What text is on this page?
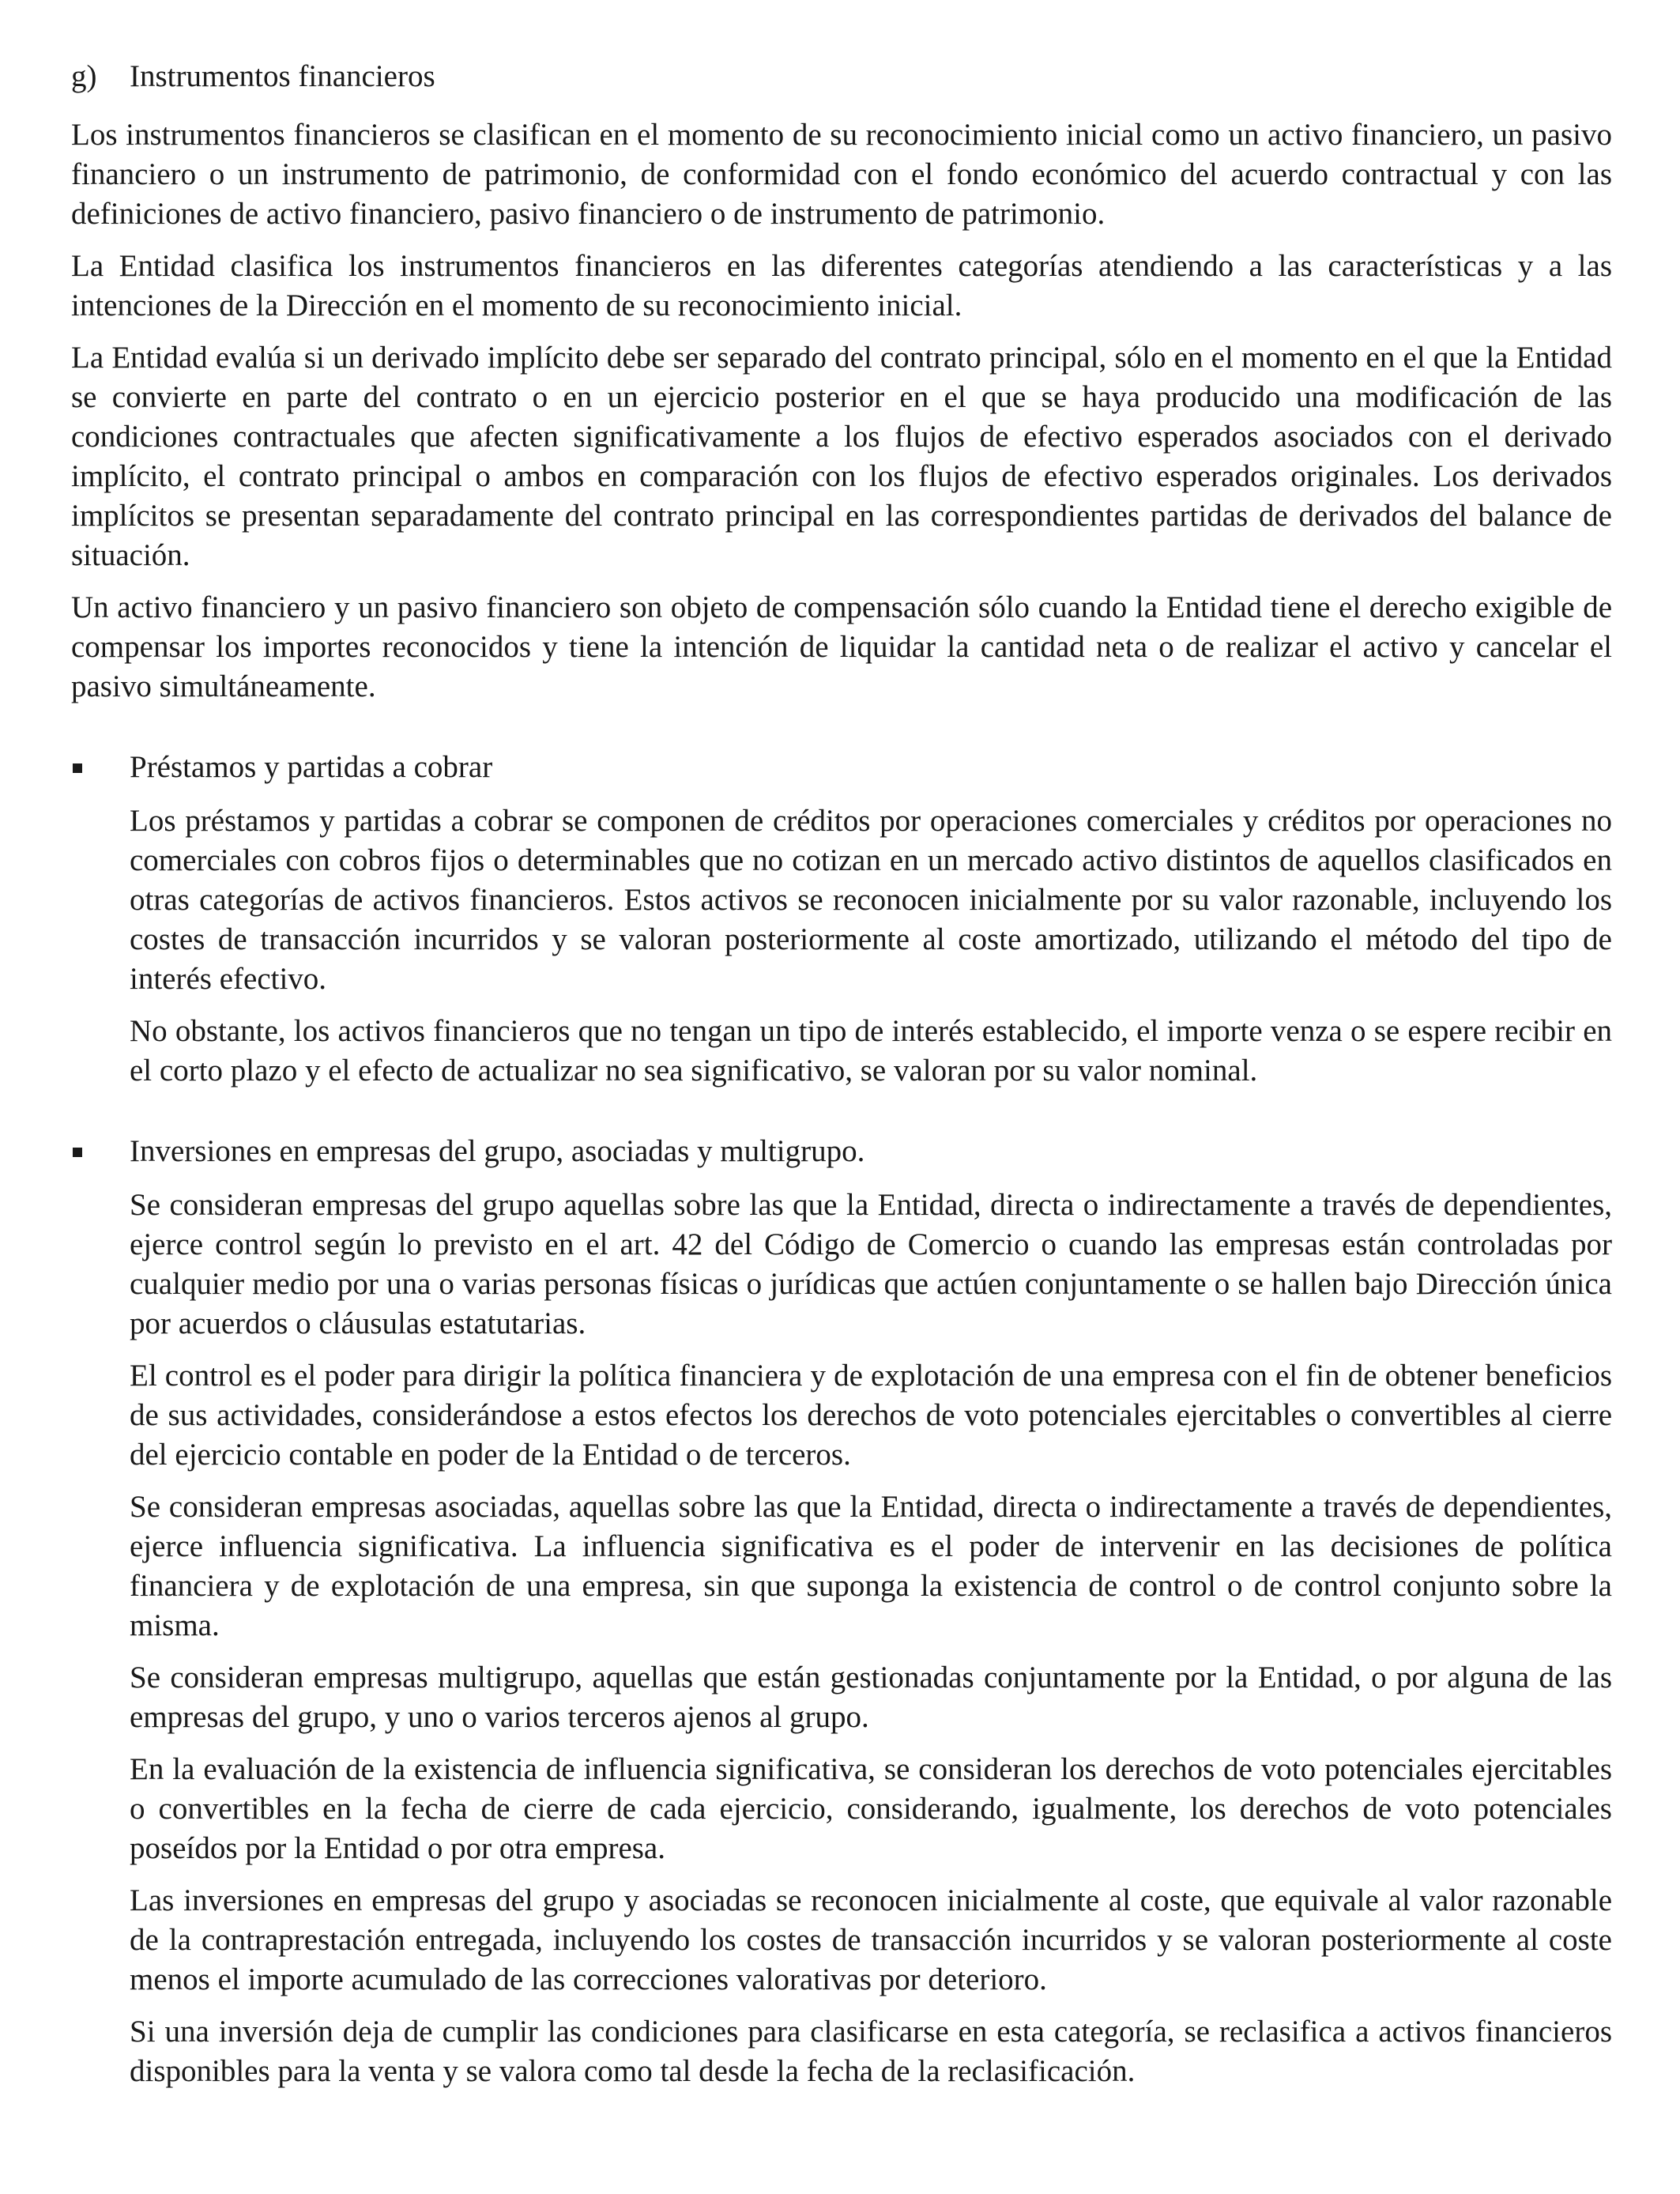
g)	Instrumentos financieros

Los instrumentos financieros se clasifican en el momento de su reconocimiento inicial como un activo financiero, un pasivo financiero o un instrumento de patrimonio, de conformidad con el fondo económico del acuerdo contractual y con las definiciones de activo financiero, pasivo financiero o de instrumento de patrimonio.

La Entidad clasifica los instrumentos financieros en las diferentes categorías atendiendo a las características y a las intenciones de la Dirección en el momento de su reconocimiento inicial.

La Entidad evalúa si un derivado implícito debe ser separado del contrato principal, sólo en el momento en el que la Entidad se convierte en parte del contrato o en un ejercicio posterior en el que se haya producido una modificación de las condiciones contractuales que afecten significativamente a los flujos de efectivo esperados asociados con el derivado implícito, el contrato principal o ambos en comparación con los flujos de efectivo esperados originales. Los derivados implícitos se presentan separadamente del contrato principal en las correspondientes partidas de derivados del balance de situación.

Un activo financiero y un pasivo financiero son objeto de compensación sólo cuando la Entidad tiene el derecho exigible de compensar los importes reconocidos y tiene la intención de liquidar la cantidad neta o de realizar el activo y cancelar el pasivo simultáneamente.

Préstamos y partidas a cobrar

Los préstamos y partidas a cobrar se componen de créditos por operaciones comerciales y créditos por operaciones no comerciales con cobros fijos o determinables que no cotizan en un mercado activo distintos de aquellos clasificados en otras categorías de activos financieros. Estos activos se reconocen inicialmente por su valor razonable, incluyendo los costes de transacción incurridos y se valoran posteriormente al coste amortizado, utilizando el método del tipo de interés efectivo.

No obstante, los activos financieros que no tengan un tipo de interés establecido, el importe venza o se espere recibir en el corto plazo y el efecto de actualizar no sea significativo, se valoran por su valor nominal.

Inversiones en empresas del grupo, asociadas y multigrupo.

Se consideran empresas del grupo aquellas sobre las que la Entidad, directa o indirectamente a través de dependientes, ejerce control según lo previsto en el art. 42 del Código de Comercio o cuando las empresas están controladas por cualquier medio por una o varias personas físicas o jurídicas que actúen conjuntamente o se hallen bajo Dirección única por acuerdos o cláusulas estatutarias.

El control es el poder para dirigir la política financiera y de explotación de una empresa con el fin de obtener beneficios de sus actividades, considerándose a estos efectos los derechos de voto potenciales ejercitables o convertibles al cierre del ejercicio contable en poder de la Entidad o de terceros.

Se consideran empresas asociadas, aquellas sobre las que la Entidad, directa o indirectamente a través de dependientes, ejerce influencia significativa. La influencia significativa es el poder de intervenir en las decisiones de política financiera y de explotación de una empresa, sin que suponga la existencia de control o de control conjunto sobre la misma.

Se consideran empresas multigrupo, aquellas que están gestionadas conjuntamente por la Entidad, o por alguna de las empresas del grupo, y uno o varios terceros ajenos al grupo.

En la evaluación de la existencia de influencia significativa, se consideran los derechos de voto potenciales ejercitables o convertibles en la fecha de cierre de cada ejercicio, considerando, igualmente, los derechos de voto potenciales poseídos por la Entidad o por otra empresa.

Las inversiones en empresas del grupo y asociadas se reconocen inicialmente al coste, que equivale al valor razonable de la contraprestación entregada, incluyendo los costes de transacción incurridos y se valoran posteriormente al coste menos el importe acumulado de las correcciones valorativas por deterioro.

Si una inversión deja de cumplir las condiciones para clasificarse en esta categoría, se reclasifica a activos financieros disponibles para la venta y se valora como tal desde la fecha de la reclasificación.
